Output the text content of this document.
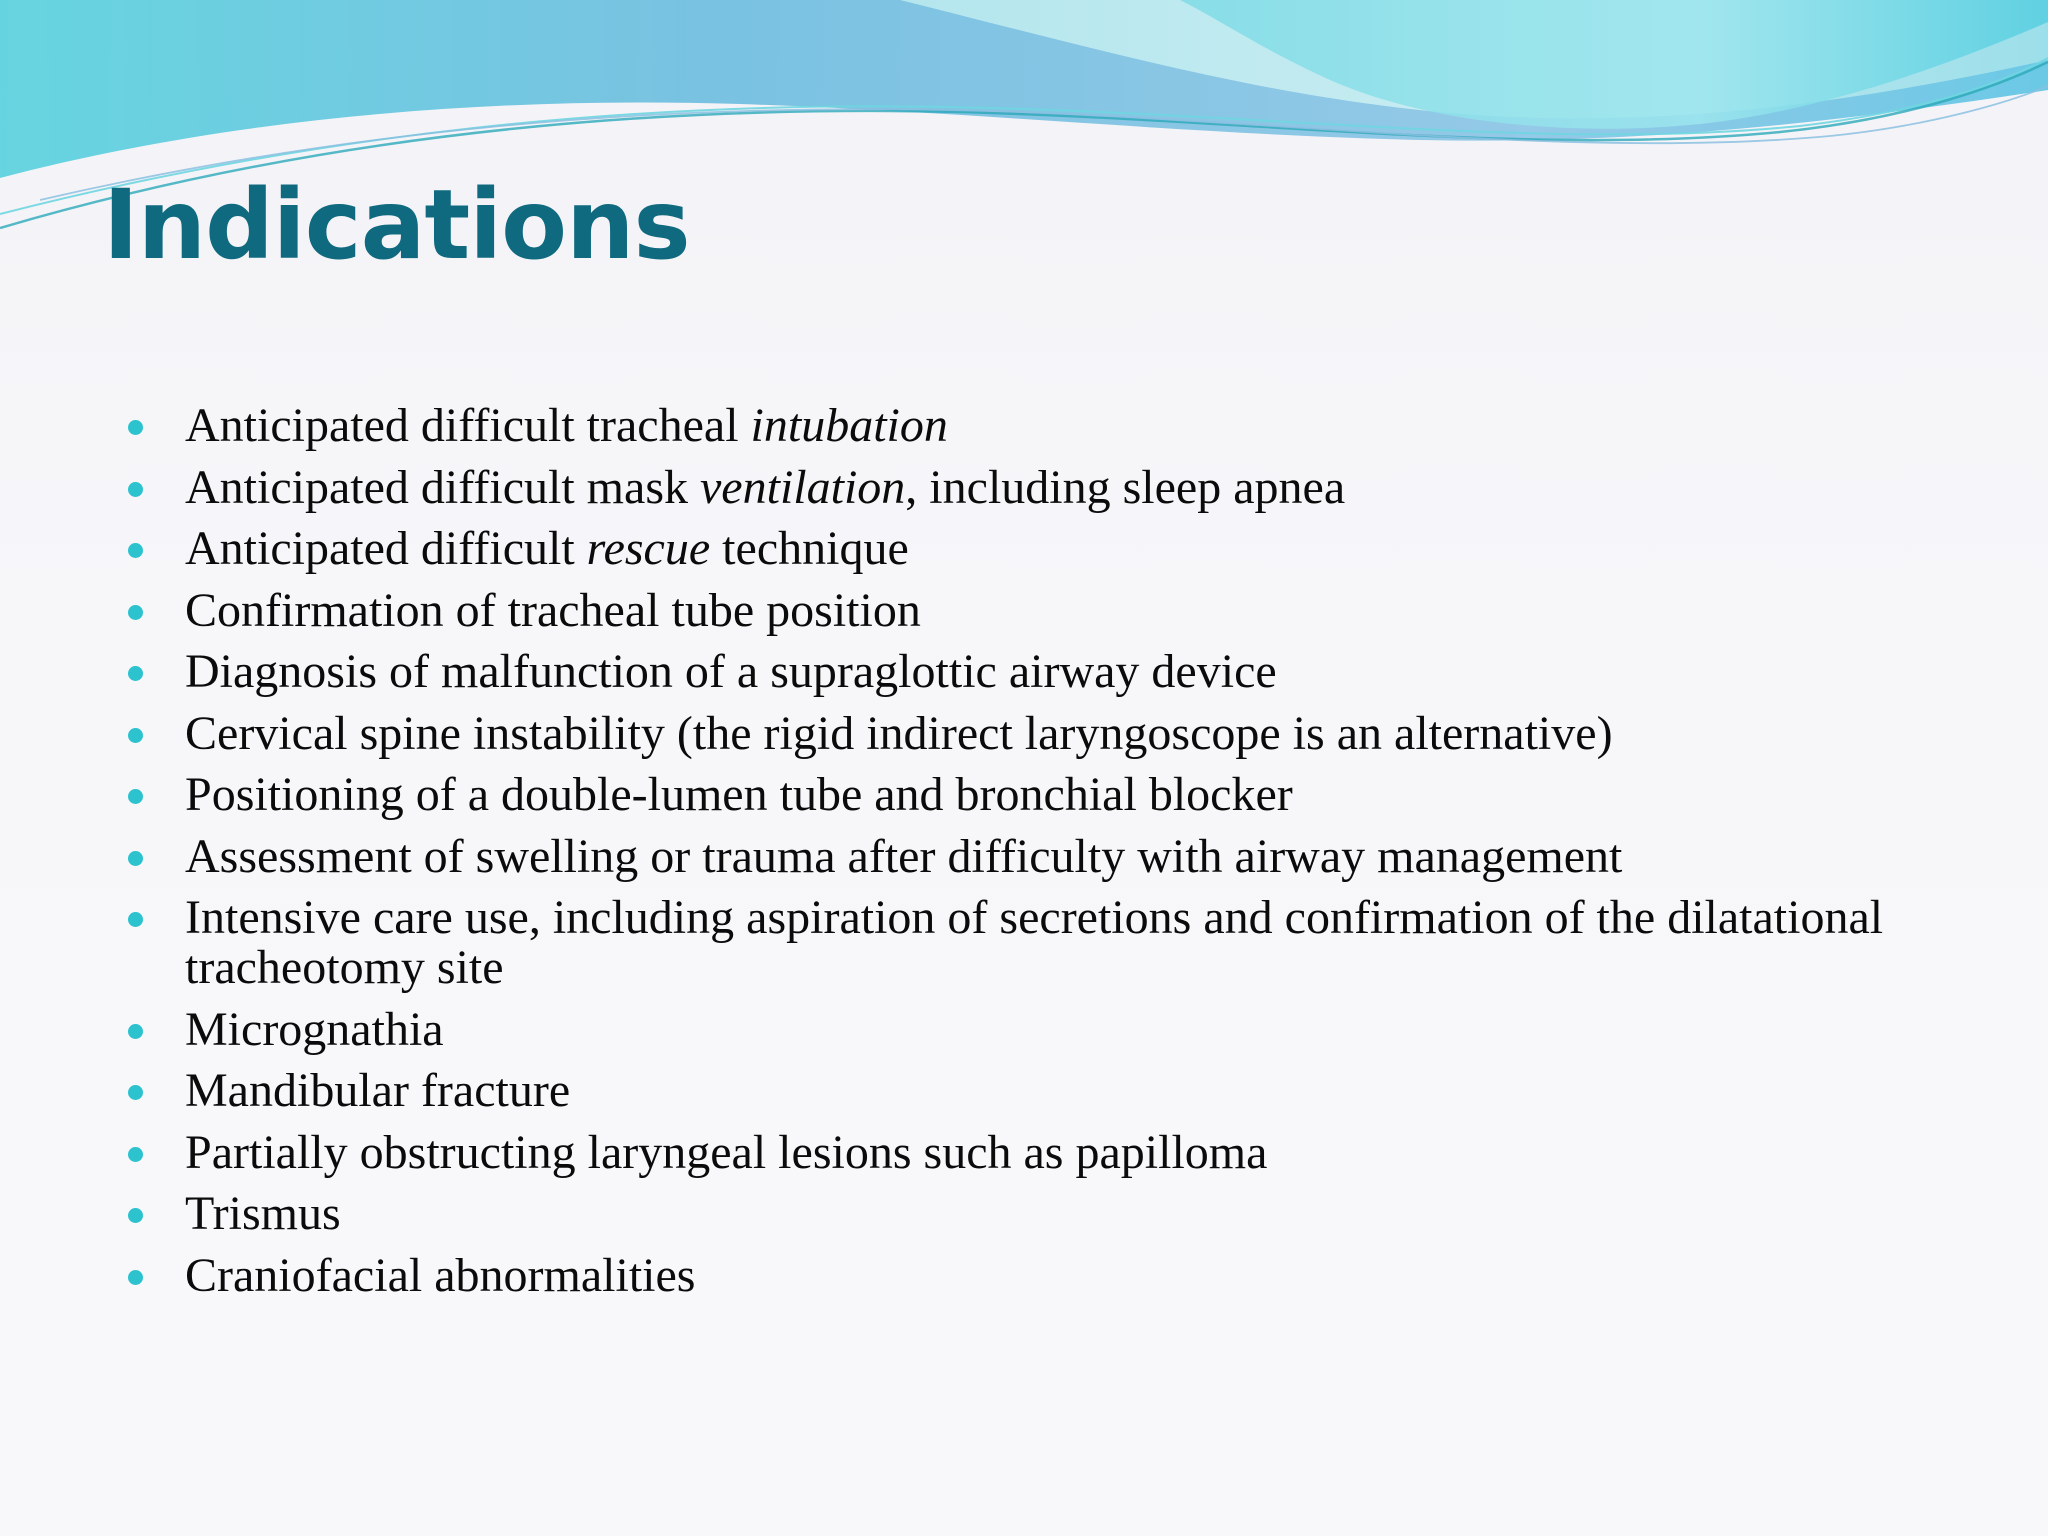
Indications
Anticipated difficult tracheal intubation
Anticipated difficult mask ventilation, including sleep apnea
Anticipated difficult rescue technique
Confirmation of tracheal tube position
Diagnosis of malfunction of a supraglottic airway device
Cervical spine instability (the rigid indirect laryngoscope is an alternative)
Positioning of a double-lumen tube and bronchial blocker
Assessment of swelling or trauma after difficulty with airway management
Intensive care use, including aspiration of secretions and confirmation of the dilatational tracheotomy site
Micrognathia
Mandibular fracture
Partially obstructing laryngeal lesions such as papilloma
Trismus
Craniofacial abnormalities
